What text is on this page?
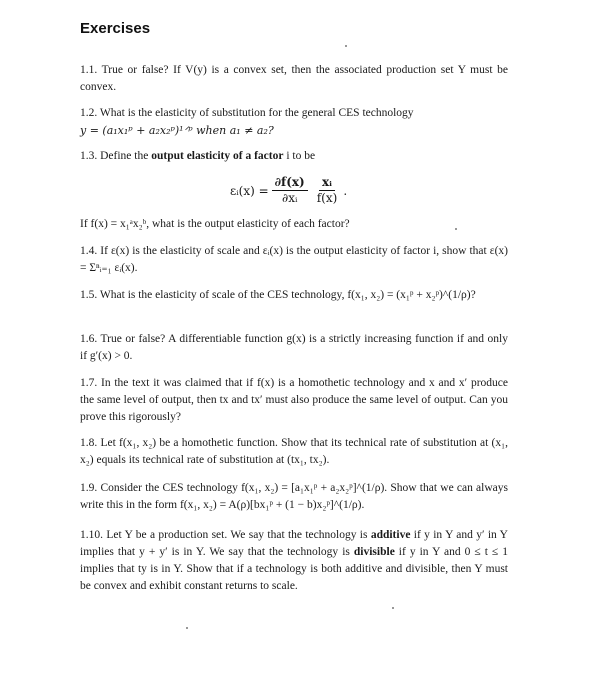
Exercises
1.1. True or false? If V(y) is a convex set, then the associated production set Y must be convex.
1.2. What is the elasticity of substitution for the general CES technology
y = (a₁x₁ᵖ + a₂x₂ᵖ)¹ᐟᵖ when a₁ ≠ a₂?
1.3. Define the output elasticity of a factor i to be
εᵢ(x) = $\frac{\partial f(x)}{\text{∂xᵢ}} \frac{\text{xᵢ}}{f(x)}$ .
If f(x) = x₁ᵃx₂ᵇ, what is the output elasticity of each factor?
1.4. If ε(x) is the elasticity of scale and εᵢ(x) is the output elasticity of factor i, show that ε(x) = Σⁿᵢ₌₁ εᵢ(x).
1.5. What is the elasticity of scale of the CES technology, f(x₁, x₂) = (x₁ᵖ + x₂ᵖ)^(1/ρ)?
1.6. True or false? A differentiable function g(x) is a strictly increasing function if and only if g′(x) > 0.
1.7. In the text it was claimed that if f(x) is a homothetic technology and x and x′ produce the same level of output, then tx and tx′ must also produce the same level of output. Can you prove this rigorously?
1.8. Let f(x₁, x₂) be a homothetic function. Show that its technical rate of substitution at (x₁, x₂) equals its technical rate of substitution at (tx₁, tx₂).
1.9. Consider the CES technology f(x₁, x₂) = [a₁x₁ᵖ + a₂x₂ᵖ]^(1/ρ). Show that we can always write this in the form f(x₁, x₂) = A(ρ)[bx₁ᵖ + (1 − b)x₂ᵖ]^(1/ρ).
1.10. Let Y be a production set. We say that the technology is additive if y in Y and y′ in Y implies that y + y′ is in Y. We say that the technology is divisible if y in Y and 0 ≤ t ≤ 1 implies that ty is in Y. Show that if a technology is both additive and divisible, then Y must be convex and exhibit constant returns to scale.
